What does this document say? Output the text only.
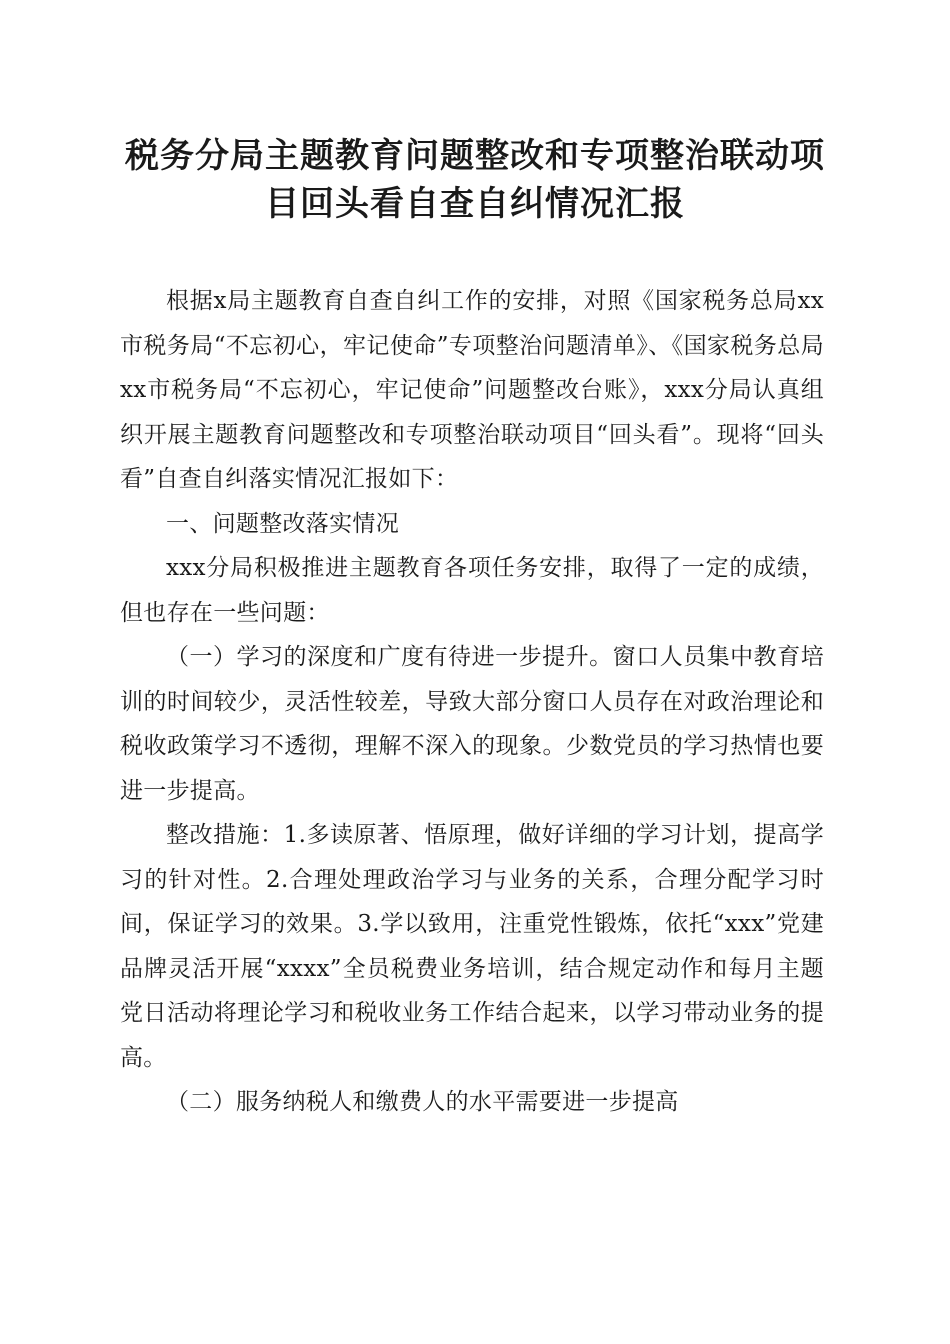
税务分局主题教育问题整改和专项整治联动项
目回头看自查自纠情况汇报

根据x局主题教育自查自纠工作的安排，对照《国家税务总局xx市税务局“不忘初心，牢记使命”专项整治问题清单》、《国家税务总局xx市税务局“不忘初心，牢记使命”问题整改台账》，xxx分局认真组织开展主题教育问题整改和专项整治联动项目“回头看”。现将“回头看”自查自纠落实情况汇报如下：

一、问题整改落实情况

xxx分局积极推进主题教育各项任务安排，取得了一定的成绩，但也存在一些问题：

（一）学习的深度和广度有待进一步提升。窗口人员集中教育培训的时间较少，灵活性较差，导致大部分窗口人员存在对政治理论和税收政策学习不透彻，理解不深入的现象。少数党员的学习热情也要进一步提高。

整改措施：1.多读原著、悟原理，做好详细的学习计划，提高学习的针对性。2.合理处理政治学习与业务的关系，合理分配学习时间，保证学习的效果。3.学以致用，注重党性锻炼，依托“xxx”党建品牌灵活开展“xxxx”全员税费业务培训，结合规定动作和每月主题党日活动将理论学习和税收业务工作结合起来，以学习带动业务的提高。

（二）服务纳税人和缴费人的水平需要进一步提高
